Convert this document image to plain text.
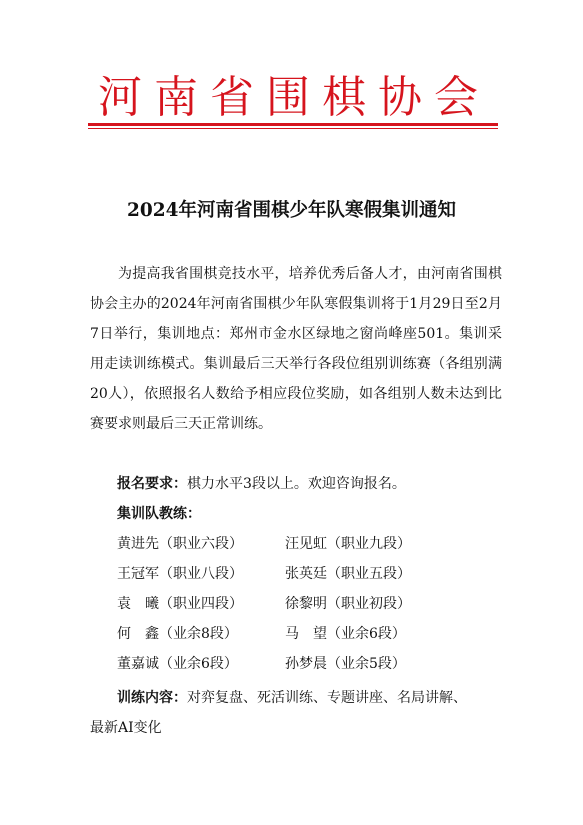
河南省围棋协会
2024年河南省围棋少年队寒假集训通知
为提高我省围棋竞技水平，培养优秀后备人才，由河南省围棋协会主办的2024年河南省围棋少年队寒假集训将于1月29日至2月7日举行，集训地点：郑州市金水区绿地之窗尚峰座501。集训采用走读训练模式。集训最后三天举行各段位组别训练赛（各组别满20人），依照报名人数给予相应段位奖励，如各组别人数未达到比赛要求则最后三天正常训练。
报名要求：棋力水平3段以上。欢迎咨询报名。
集训队教练：
黄进先（职业六段）	汪见虹（职业九段）
王冠军（职业八段）	张英廷（职业五段）
袁　曦（职业四段）	徐黎明（职业初段）
何　鑫（业余8段）	马　望（业余6段）
董嘉诚（业余6段）	孙梦晨（业余5段）
训练内容：对弈复盘、死活训练、专题讲座、名局讲解、
最新AI变化
